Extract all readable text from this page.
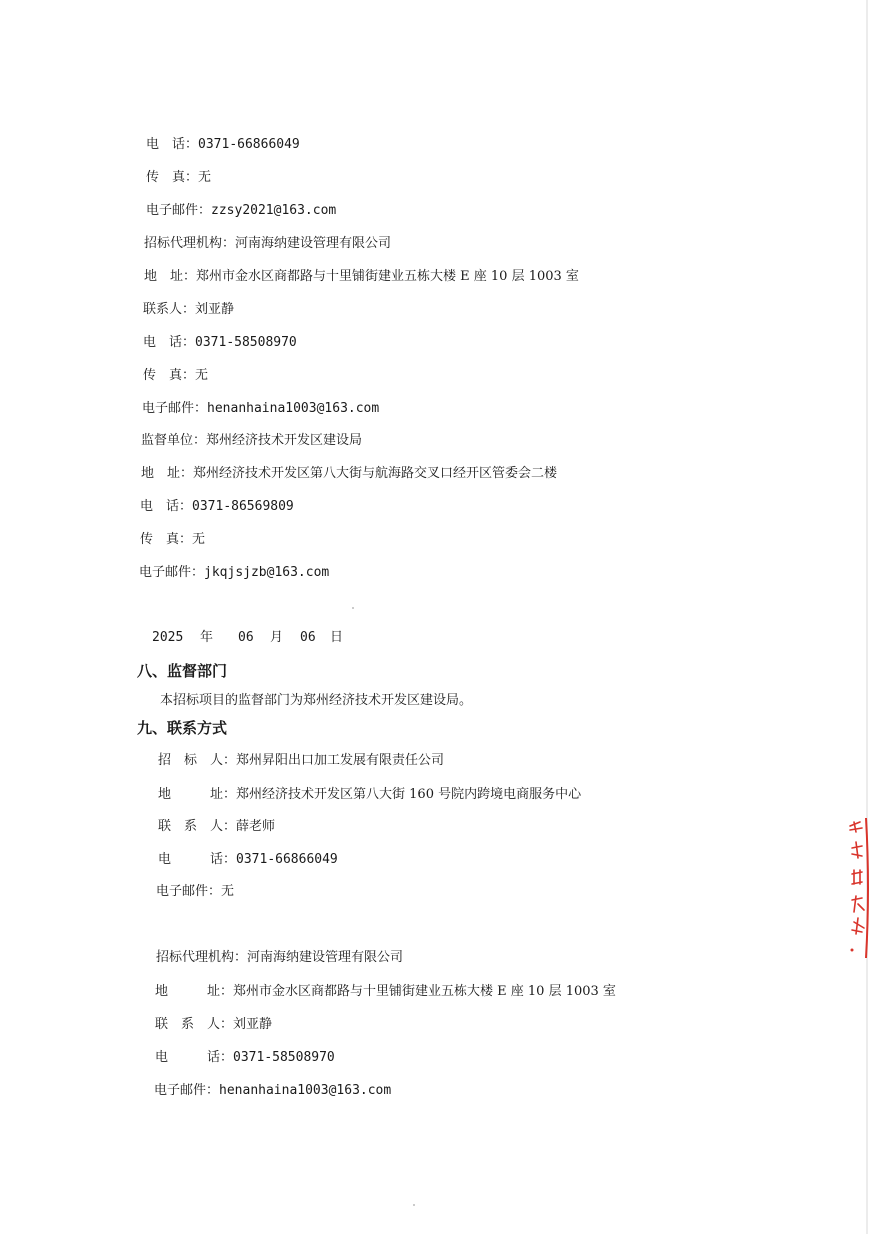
电　话：0371-66866049
传　真：无
电子邮件：zzsy2021@163.com
招标代理机构：河南海纳建设管理有限公司
地　址：郑州市金水区商都路与十里铺街建业五栋大楼 E 座 10 层 1003 室
联系人：刘亚静
电　话：0371-58508970
传　真：无
电子邮件：henanhaina1003@163.com
监督单位：郑州经济技术开发区建设局
地　址：郑州经济技术开发区第八大街与航海路交叉口经开区管委会二楼
电　话：0371-86569809
传　真：无
电子邮件：jkqjsjzb@163.com
2025 年 06 月 06 日
八、监督部门
本招标项目的监督部门为郑州经济技术开发区建设局。
九、联系方式
招　标　人：郑州昇阳出口加工发展有限责任公司
地　　　址：郑州经济技术开发区第八大街 160 号院内跨境电商服务中心
联　系　人：薛老师
电　　　话：0371-66866049
电子邮件：无
招标代理机构：河南海纳建设管理有限公司
地　　　址：郑州市金水区商都路与十里铺街建业五栋大楼 E 座 10 层 1003 室
联　系　人：刘亚静
电　　　话：0371-58508970
电子邮件：henanhaina1003@163.com
